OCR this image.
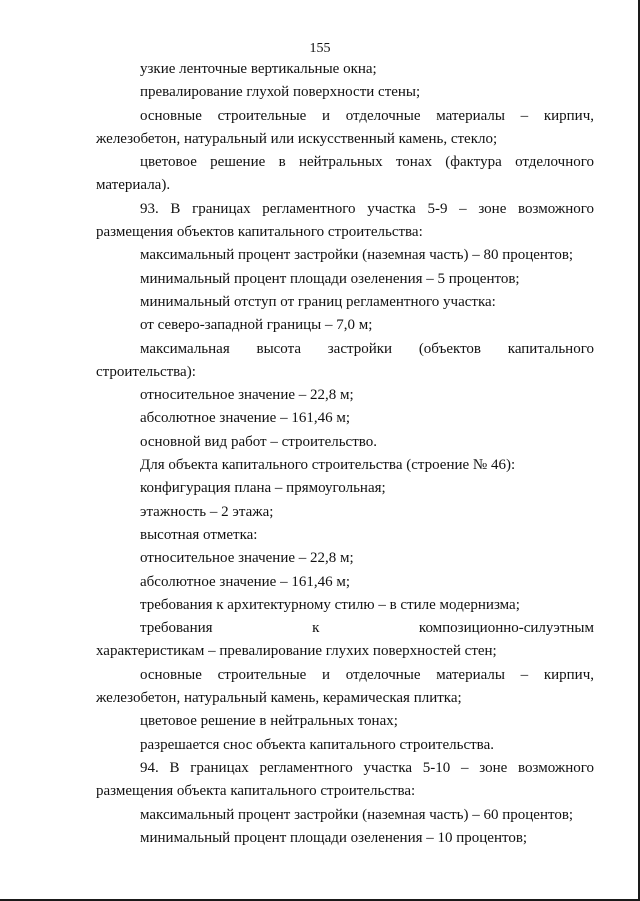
155
узкие ленточные вертикальные окна;
превалирование глухой поверхности стены;
основные строительные и отделочные материалы – кирпич,
железобетон, натуральный или искусственный камень, стекло;
цветовое решение в нейтральных тонах (фактура отделочного
материала).
93. В границах регламентного участка 5-9 – зоне возможного
размещения объектов капитального строительства:
максимальный процент застройки (наземная часть) – 80 процентов;
минимальный процент площади озеленения – 5 процентов;
минимальный отступ от границ регламентного участка:
от северо-западной границы – 7,0 м;
максимальная высота застройки (объектов капитального
строительства):
относительное значение – 22,8 м;
абсолютное значение – 161,46 м;
основной вид работ – строительство.
Для объекта капитального строительства (строение № 46):
конфигурация плана – прямоугольная;
этажность – 2 этажа;
высотная отметка:
относительное значение – 22,8 м;
абсолютное значение – 161,46 м;
требования к архитектурному стилю – в стиле модернизма;
требования к композиционно-силуэтным
характеристикам – превалирование глухих поверхностей стен;
основные строительные и отделочные материалы – кирпич,
железобетон, натуральный камень, керамическая плитка;
цветовое решение в нейтральных тонах;
разрешается снос объекта капитального строительства.
94. В границах регламентного участка 5-10 – зоне возможного
размещения объекта капитального строительства:
максимальный процент застройки (наземная часть) – 60 процентов;
минимальный процент площади озеленения – 10 процентов;
